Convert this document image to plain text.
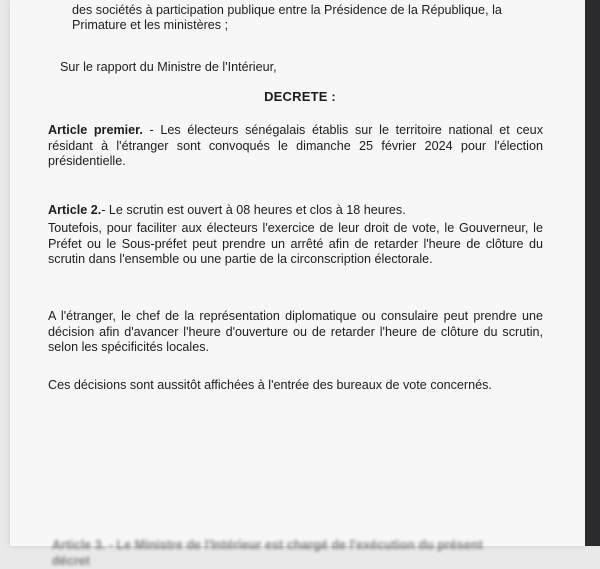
des sociétés à participation publique entre la Présidence de la République, la

Primature et les ministères ;

Sur le rapport du Ministre de l'Intérieur,

DECRETE :

Article premier. - Les électeurs sénégalais établis sur le territoire national et ceux résidant à l'étranger sont convoqués le dimanche 25 février 2024 pour l'élection présidentielle.

Article 2.- Le scrutin est ouvert à 08 heures et clos à 18 heures.

Toutefois, pour faciliter aux électeurs l'exercice de leur droit de vote, le Gouverneur, le Préfet ou le Sous-préfet peut prendre un arrêté afin de retarder l'heure de clôture du scrutin dans l'ensemble ou une partie de la circonscription électorale.

A l'étranger, le chef de la représentation diplomatique ou consulaire peut prendre une décision afin d'avancer l'heure d'ouverture ou de retarder l'heure de clôture du scrutin, selon les spécificités locales.

Ces décisions sont aussitôt affichées à l'entrée des bureaux de vote concernés.

Article 3. - Le Ministre de l'Intérieur est chargé de l'exécution du présent décret
